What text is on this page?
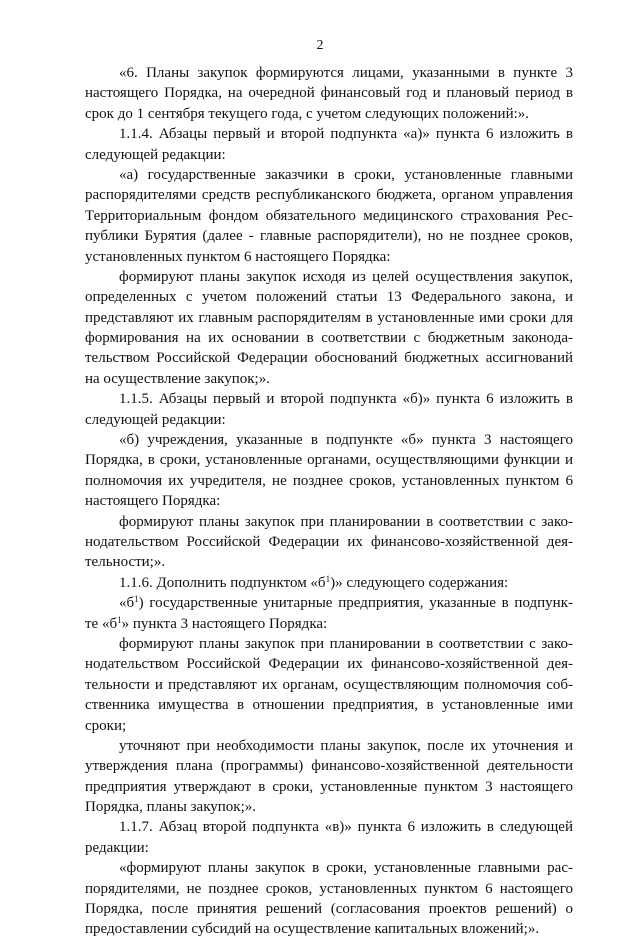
2
«6. Планы закупок формируются лицами, указанными в пункте 3
настоящего Порядка, на очередной финансовый год и плановый период в
срок до 1 сентября текущего года, с учетом следующих положений:».
1.1.4. Абзацы первый и второй подпункта «а)» пункта 6 изложить в
следующей редакции:
«а) государственные заказчики в сроки, установленные главными
распорядителями средств республиканского бюджета, органом управления
Территориальным фондом обязательного медицинского страхования Рес-
публики Бурятия (далее - главные распорядители), но не позднее сроков,
установленных пунктом 6 настоящего Порядка:
формируют планы закупок исходя из целей осуществления закупок,
определенных с учетом положений статьи 13 Федерального закона, и
представляют их главным распорядителям в установленные ими сроки для
формирования на их основании в соответствии с бюджетным законода-
тельством Российской Федерации обоснований бюджетных ассигнований
на осуществление закупок;».
1.1.5. Абзацы первый и второй подпункта «б)» пункта 6 изложить в
следующей редакции:
«б) учреждения, указанные в подпункте «б» пункта 3 настоящего
Порядка, в сроки, установленные органами, осуществляющими функции и
полномочия их учредителя, не позднее сроков, установленных пунктом 6
настоящего Порядка:
формируют планы закупок при планировании в соответствии с зако-
нодательством Российской Федерации их финансово-хозяйственной дея-
тельности;».
1.1.6. Дополнить подпунктом «$б^1$)» следующего содержания:
«$б^1$) государственные унитарные предприятия, указанные в подпунк-
те «$б^1$» пункта 3 настоящего Порядка:
формируют планы закупок при планировании в соответствии с зако-
нодательством Российской Федерации их финансово-хозяйственной дея-
тельности и представляют их органам, осуществляющим полномочия соб-
ственника имущества в отношении предприятия, в установленные ими
сроки;
уточняют при необходимости планы закупок, после их уточнения и
утверждения плана (программы) финансово-хозяйственной деятельности
предприятия утверждают в сроки, установленные пунктом 3 настоящего
Порядка, планы закупок;».
1.1.7. Абзац второй подпункта «в)» пункта 6 изложить в следующей
редакции:
«формируют планы закупок в сроки, установленные главными рас-
порядителями, не позднее сроков, установленных пунктом 6 настоящего
Порядка, после принятия решений (согласования проектов решений) о
предоставлении субсидий на осуществление капитальных вложений;».
